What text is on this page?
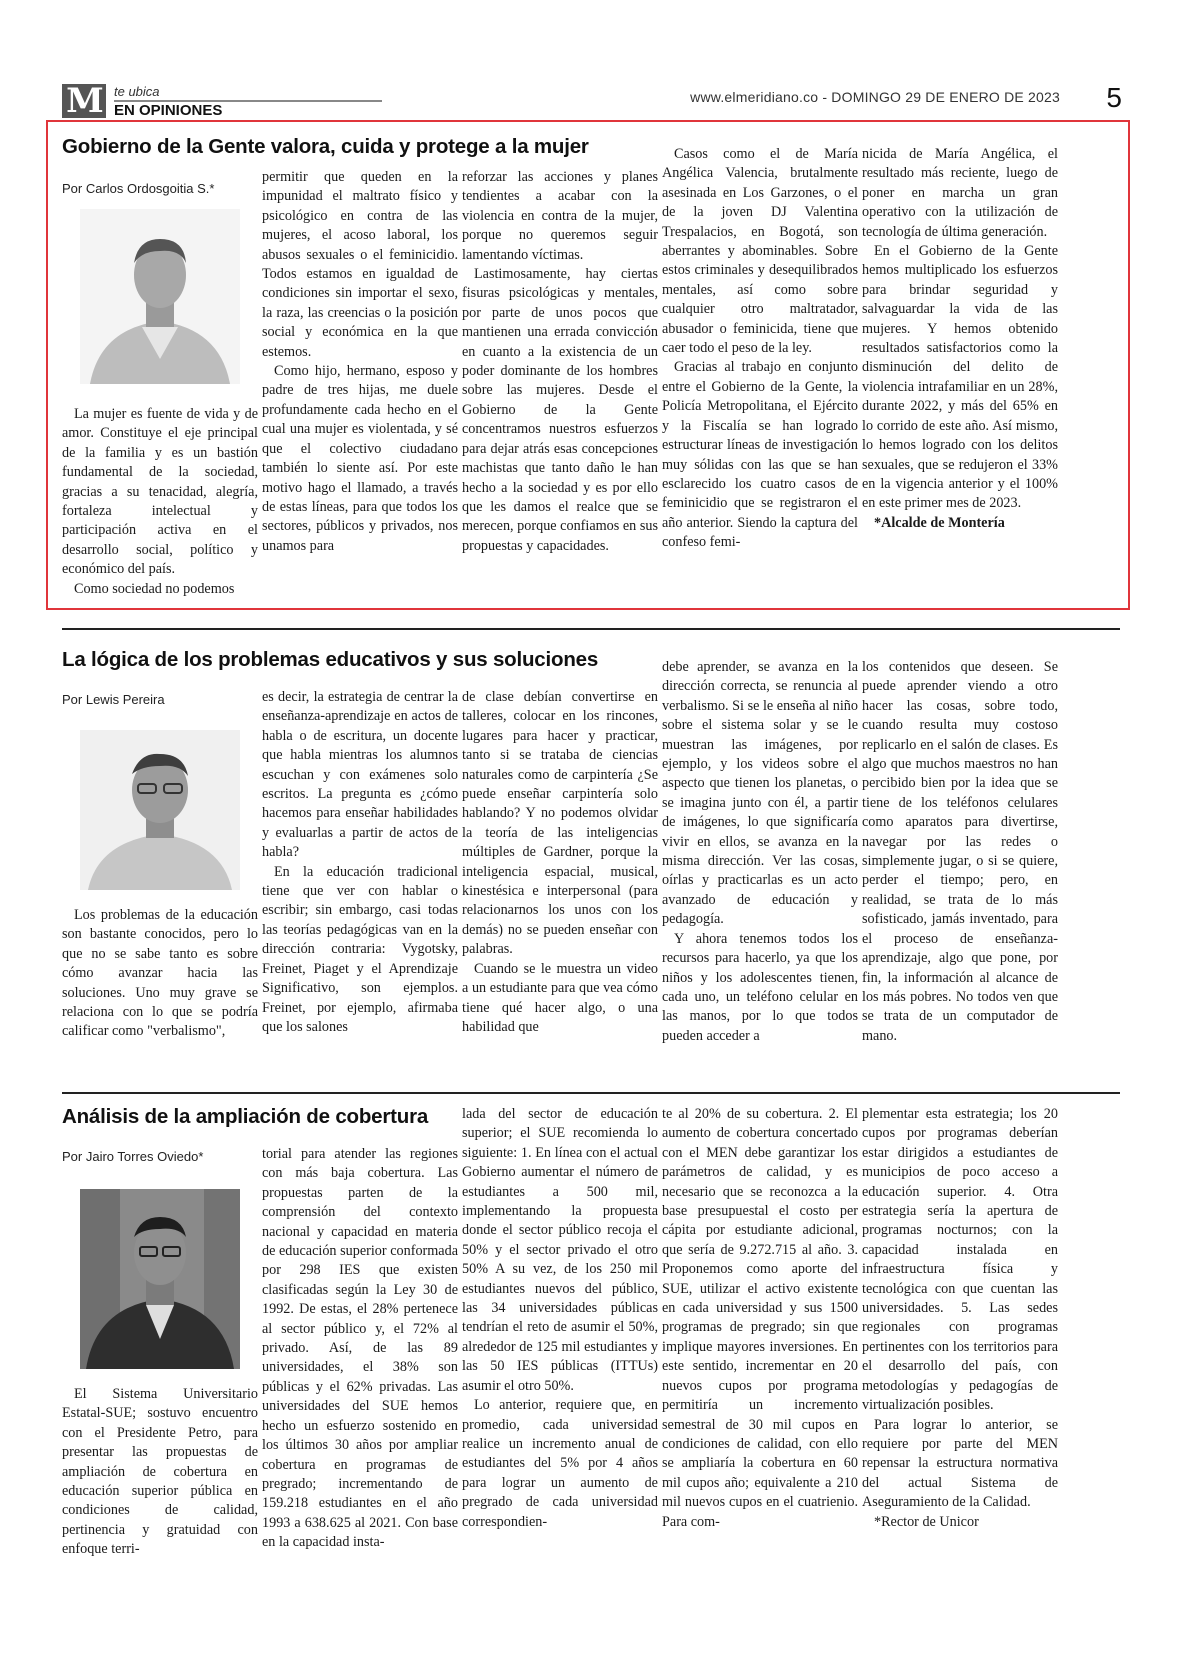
M te ubica
EN OPINIONES
www.elmeridiano.co - DOMINGO 29 DE ENERO DE 2023 5
Gobierno de la Gente valora, cuida y protege a la mujer
Por Carlos Ordosgoitia S.*

La mujer es fuente de vida y de amor. Constituye el eje principal de la familia y es un bastión fundamental de la sociedad, gracias a su tenacidad, alegría, fortaleza intelectual y participación activa en el desarrollo social, político y económico del país.

Como sociedad no podemos

permitir que queden en la impunidad el maltrato físico y psicológico en contra de las mujeres, el acoso laboral, los abusos sexuales o el feminicidio. Todos estamos en igualdad de condiciones sin importar el sexo, la raza, las creencias o la posición social y económica en la que estemos.

Como hijo, hermano, esposo y padre de tres hijas, me duele profundamente cada hecho en el cual una mujer es violentada, y sé que el colectivo ciudadano también lo siente así. Por este motivo hago el llamado, a través de estas líneas, para que todos los sectores, públicos y privados, nos unamos para

reforzar las acciones y planes tendientes a acabar con la violencia en contra de la mujer, porque no queremos seguir lamentando víctimas.

Lastimosamente, hay ciertas fisuras psicológicas y mentales, por parte de unos pocos que mantienen una errada convicción en cuanto a la existencia de un poder dominante de los hombres sobre las mujeres. Desde el Gobierno de la Gente concentramos nuestros esfuerzos para dejar atrás esas concepciones machistas que tanto daño le han hecho a la sociedad y es por ello que les damos el realce que se merecen, porque confiamos en sus propuestas y capacidades.

Casos como el de María Angélica Valencia, brutalmente asesinada en Los Garzones, o el de la joven DJ Valentina Trespalacios, en Bogotá, son aberrantes y abominables. Sobre estos criminales y desequilibrados mentales, así como sobre cualquier otro maltratador, abusador o feminicida, tiene que caer todo el peso de la ley.

Gracias al trabajo en conjunto entre el Gobierno de la Gente, la Policía Metropolitana, el Ejército y la Fiscalía se han logrado estructurar líneas de investigación muy sólidas con las que se han esclarecido los cuatro casos de feminicidio que se registraron el año anterior. Siendo la captura del confeso femi-

nicida de María Angélica, el resultado más reciente, luego de poner en marcha un gran operativo con la utilización de tecnología de última generación.

En el Gobierno de la Gente hemos multiplicado los esfuerzos para brindar seguridad y salvaguardar la vida de las mujeres. Y hemos obtenido resultados satisfactorios como la disminución del delito de violencia intrafamiliar en un 28%, durante 2022, y más del 65% en lo corrido de este año. Así mismo, lo hemos logrado con los delitos sexuales, que se redujeron el 33% en la vigencia anterior y el 100% en este primer mes de 2023.

*Alcalde de Montería

La lógica de los problemas educativos y sus soluciones
Por Lewis Pereira

Los problemas de la educación son bastante conocidos, pero lo que no se sabe tanto es sobre cómo avanzar hacia las soluciones. Uno muy grave se relaciona con lo que se podría calificar como "verbalismo",

es decir, la estrategia de centrar la enseñanza-aprendizaje en actos de habla o de escritura, un docente que habla mientras los alumnos escuchan y con exámenes solo escritos. La pregunta es ¿cómo hacemos para enseñar habilidades y evaluarlas a partir de actos de habla?

En la educación tradicional tiene que ver con hablar o escribir; sin embargo, casi todas las teorías pedagógicas van en la dirección contraria: Vygotsky, Freinet, Piaget y el Aprendizaje Significativo, son ejemplos. Freinet, por ejemplo, afirmaba que los salones

de clase debían convertirse en talleres, colocar en los rincones, lugares para hacer y practicar, tanto si se trataba de ciencias naturales como de carpintería ¿Se puede enseñar carpintería solo hablando? Y no podemos olvidar la teoría de las inteligencias múltiples de Gardner, porque la inteligencia espacial, musical, kinestésica e interpersonal (para relacionarnos los unos con los demás) no se pueden enseñar con palabras.

Cuando se le muestra un video a un estudiante para que vea cómo tiene qué hacer algo, o una habilidad que

debe aprender, se avanza en la dirección correcta, se renuncia al verbalismo. Si se le enseña al niño sobre el sistema solar y se le muestran las imágenes, por ejemplo, y los videos sobre el aspecto que tienen los planetas, o se imagina junto con él, a partir de imágenes, lo que significaría vivir en ellos, se avanza en la misma dirección. Ver las cosas, oírlas y practicarlas es un acto avanzado de educación y pedagogía.

Y ahora tenemos todos los recursos para hacerlo, ya que los niños y los adolescentes tienen, cada uno, un teléfono celular en las manos, por lo que todos pueden acceder a

los contenidos que deseen. Se puede aprender viendo a otro hacer las cosas, sobre todo, cuando resulta muy costoso replicarlo en el salón de clases. Es algo que muchos maestros no han percibido bien por la idea que se tiene de los teléfonos celulares como aparatos para divertirse, navegar por las redes o simplemente jugar, o si se quiere, perder el tiempo; pero, en realidad, se trata de lo más sofisticado, jamás inventado, para el proceso de enseñanza-aprendizaje, algo que pone, por fin, la información al alcance de los más pobres. No todos ven que se trata de un computador de mano.

Análisis de la ampliación de cobertura
Por Jairo Torres Oviedo*

El Sistema Universitario Estatal-SUE; sostuvo encuentro con el Presidente Petro, para presentar las propuestas de ampliación de cobertura en educación superior pública en condiciones de calidad, pertinencia y gratuidad con enfoque terri-

torial para atender las regiones con más baja cobertura. Las propuestas parten de la comprensión del contexto nacional y capacidad en materia de educación superior conformada por 298 IES que existen clasificadas según la Ley 30 de 1992. De estas, el 28% pertenece al sector público y, el 72% al privado. Así, de las 89 universidades, el 38% son públicas y el 62% privadas. Las universidades del SUE hemos hecho un esfuerzo sostenido en los últimos 30 años por ampliar cobertura en programas de pregrado; incrementando de 159.218 estudiantes en el año 1993 a 638.625 al 2021. Con base en la capacidad insta-

lada del sector de educación superior; el SUE recomienda lo siguiente: 1. En línea con el actual Gobierno aumentar el número de estudiantes a 500 mil, implementando la propuesta donde el sector público recoja el 50% y el sector privado el otro 50% A su vez, de los 250 mil estudiantes nuevos del público, las 34 universidades públicas tendrían el reto de asumir el 50%, alrededor de 125 mil estudiantes y las 50 IES públicas (ITTUs) asumir el otro 50%.

Lo anterior, requiere que, en promedio, cada universidad realice un incremento anual de estudiantes del 5% por 4 años para lograr un aumento de pregrado de cada universidad correspondien-

te al 20% de su cobertura. 2. El aumento de cobertura concertado con el MEN debe garantizar los parámetros de calidad, y es necesario que se reconozca a la base presupuestal el costo per cápita por estudiante adicional, que sería de 9.272.715 al año. 3. Proponemos como aporte del SUE, utilizar el activo existente en cada universidad y sus 1500 programas de pregrado; sin que implique mayores inversiones. En este sentido, incrementar en 20 nuevos cupos por programa permitiría un incremento semestral de 30 mil cupos en condiciones de calidad, con ello se ampliaría la cobertura en 60 mil cupos año; equivalente a 210 mil nuevos cupos en el cuatrienio. Para com-

plementar esta estrategia; los 20 cupos por programas deberían estar dirigidos a estudiantes de municipios de poco acceso a educación superior. 4. Otra estrategia sería la apertura de programas nocturnos; con la capacidad instalada en infraestructura física y tecnológica con que cuentan las universidades. 5. Las sedes regionales con programas pertinentes con los territorios para el desarrollo del país, con metodologías y pedagogías de virtualización posibles.

Para lograr lo anterior, se requiere por parte del MEN repensar la estructura normativa del actual Sistema de Aseguramiento de la Calidad.

*Rector de Unicor
